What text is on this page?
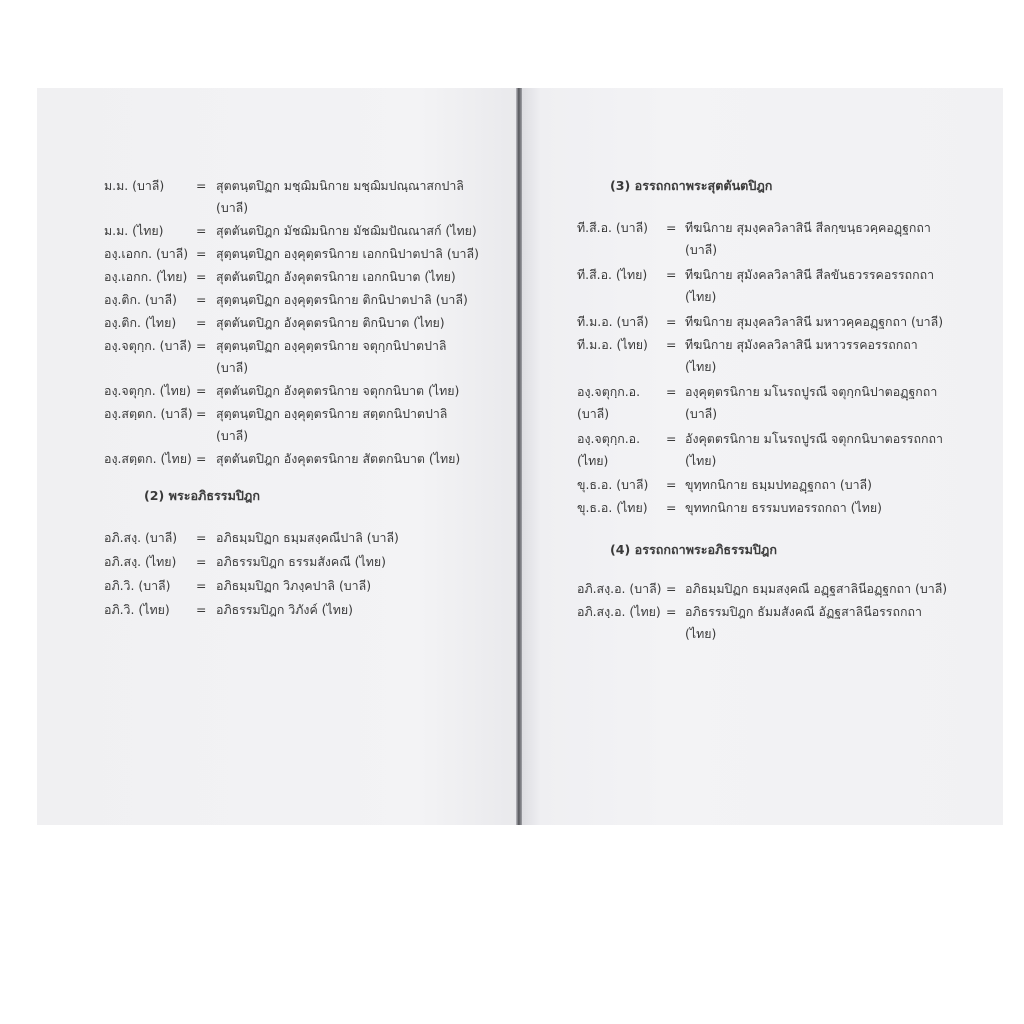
ม.ม. (บาลี)	= สุตตนฺตปิฏก มชฺฌิมนิกาย มชฺฌิมปณฺณาสกปาลิ
(บาลี)
ม.ม. (ไทย)	= สุตตันตปิฎก มัชฌิมนิกาย มัชฌิมปัณณาสก์ (ไทย)
องฺ.เอกก. (บาลี) = สุตฺตนฺตปิฏก องฺคุตฺตรนิกาย เอกกนิปาตปาลิ (บาลี)
องฺ.เอกก. (ไทย) = สุตตันตปิฎก อังคุตตรนิกาย เอกกนิบาต (ไทย)
องฺ.ติก. (บาลี) = สุตฺตนฺตปิฏก องฺคุตฺตรนิกาย ติกนิปาตปาลิ (บาลี)
องฺ.ติก. (ไทย) = สุตตันตปิฎก อังคุตตรนิกาย ติกนิบาต (ไทย)
องฺ.จตุกฺก. (บาลี) = สุตฺตนฺตปิฏก องฺคุตฺตรนิกาย จตุกฺกนิปาตปาลิ
(บาลี)
องฺ.จตุกฺก. (ไทย) = สุตตันตปิฎก อังคุตตรนิกาย จตุกกนิบาต (ไทย)
องฺ.สตฺตก. (บาลี) = สุตฺตนฺตปิฏก องฺคุตฺตรนิกาย สตฺตกนิปาตปาลิ
(บาลี)
องฺ.สตฺตก. (ไทย) = สุตตันตปิฎก อังคุตตรนิกาย สัตตกนิบาต (ไทย)
(2) พระอภิธรรมปิฎก
อภิ.สงฺ. (บาลี) = อภิธมฺมปิฏก ธมฺมสงฺคณีปาลิ (บาลี)
อภิ.สงฺ. (ไทย) = อภิธรรมปิฎก ธรรมสังคณี (ไทย)
อภิ.วิ. (บาลี) = อภิธมฺมปิฏก วิภงฺคปาลิ (บาลี)
อภิ.วิ. (ไทย) = อภิธรรมปิฎก วิภังค์ (ไทย)
(3) อรรถกถาพระสุตตันตปิฎก
ที.สี.อ. (บาลี) = ทีฆนิกาย สุมงฺคลวิลาสินี สีลกฺขนฺธวคฺคอฏฺฐกถา
(บาลี)
ที.สี.อ. (ไทย) = ทีฆนิกาย สุมังคลวิลาสินี สีลขันธวรรคอรรถกถา
(ไทย)
ที.ม.อ. (บาลี) = ทีฆนิกาย สุมงฺคลวิลาสินี มหาวคฺคอฏฺฐกถา (บาลี)
ที.ม.อ. (ไทย) = ทีฆนิกาย สุมังคลวิลาสินี มหาวรรคอรรถกถา
(ไทย)
องฺ.จตุกฺก.อ.
(บาลี)
= องฺคุตฺตรนิกาย มโนรถปูรณี จตุกฺกนิปาตอฏฺฐกถา
(บาลี)
องฺ.จตุกฺก.อ.
(ไทย)
= อังคุตตรนิกาย มโนรถปูรณี จตุกกนิบาตอรรถกถา
(ไทย)
ขุ.ธ.อ. (บาลี) = ขุทฺทกนิกาย ธมฺมปทอฏฺฐกถา (บาลี)
ขุ.ธ.อ. (ไทย) = ขุททกนิกาย ธรรมบทอรรถกถา (ไทย)
(4) อรรถกถาพระอภิธรรมปิฎก
อภิ.สงฺ.อ. (บาลี) = อภิธมฺมปิฏก ธมฺมสงฺคณี อฏฺฐสาลินีอฏฺฐกถา (บาลี)
อภิ.สงฺ.อ. (ไทย) = อภิธรรมปิฎก ธัมมสังคณี อัฏฐสาลินีอรรถกถา
(ไทย)
